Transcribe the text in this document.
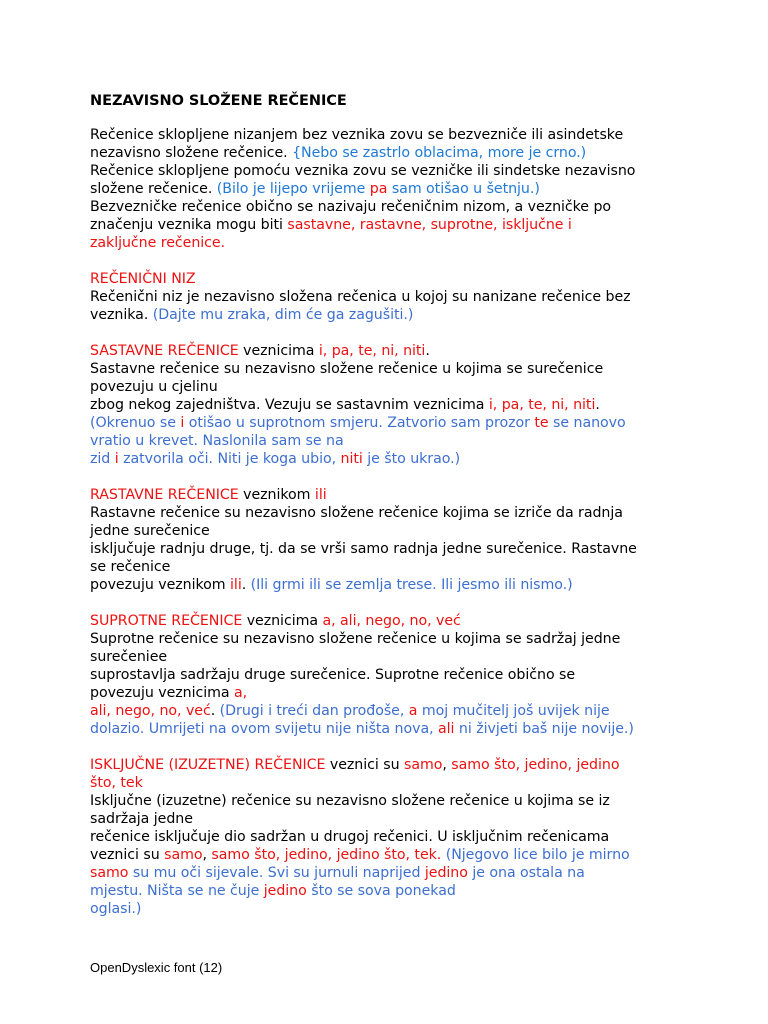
NEZAVISNO SLOŽENE REČENICE
Rečenice sklopljene nizanjem bez veznika zovu se bezvezniče ili asindetske
nezavisno složene rečenice. {Nebo se zastrlo oblacima, more je crno.)
Rečenice sklopljene pomoću veznika zovu se vezničke ili sindetske nezavisno
složene rečenice. (Bilo je lijepo vrijeme pa sam otišao u šetnju.)
Bezvezničke rečenice obično se nazivaju rečeničnim nizom, a vezničke po
značenju veznika mogu biti sastavne, rastavne, suprotne, isključne i
zaključne rečenice.
REČENIČNI NIZ
Rečenični niz je nezavisno složena rečenica u kojoj su nanizane rečenice bez
veznika. (Dajte mu zraka, dim će ga zagušiti.)
SASTAVNE REČENICE veznicima i, pa, te, ni, niti.
Sastavne rečenice su nezavisno složene rečenice u kojima se surečenice
povezuju u cjelinu
zbog nekog zajedništva. Vezuju se sastavnim veznicima i, pa, te, ni, niti.
(Okrenuo se i otišao u suprotnom smjeru. Zatvorio sam prozor te se nanovo
vratio u krevet. Naslonila sam se na
zid i zatvorila oči. Niti je koga ubio, niti je što ukrao.)
RASTAVNE REČENICE veznikom ili
Rastavne rečenice su nezavisno složene rečenice kojima se izriče da radnja
jedne surečenice
isključuje radnju druge, tj. da se vrši samo radnja jedne surečenice. Rastavne
se rečenice
povezuju veznikom ili. (Ili grmi ili se zemlja trese. Ili jesmo ili nismo.)
SUPROTNE REČENICE veznicima a, ali, nego, no, već
Suprotne rečenice su nezavisno složene rečenice u kojima se sadržaj jedne
surečeniee
suprostavlja sadržaju druge surečenice. Suprotne rečenice obično se
povezuju veznicima a,
ali, nego, no, već. (Drugi i treći dan prođoše, a moj mučitelj još uvijek nije
dolazio. Umrijeti na ovom svijetu nije ništa nova, ali ni živjeti baš nije novije.)
ISKLJUČNE (IZUZETNE) REČENICE veznici su samo, samo što, jedino, jedino
što, tek
Isključne (izuzetne) rečenice su nezavisno složene rečenice u kojima se iz
sadržaja jedne
rečenice isključuje dio sadržan u drugoj rečenici. U isključnim rečenicama
veznici su samo, samo što, jedino, jedino što, tek. (Njegovo lice bilo je mirno
samo su mu oči sijevale. Svi su jurnuli naprijed jedino je ona ostala na
mjestu. Ništa se ne čuje jedino što se sova ponekad
oglasi.)
OpenDyslexic font (12)
